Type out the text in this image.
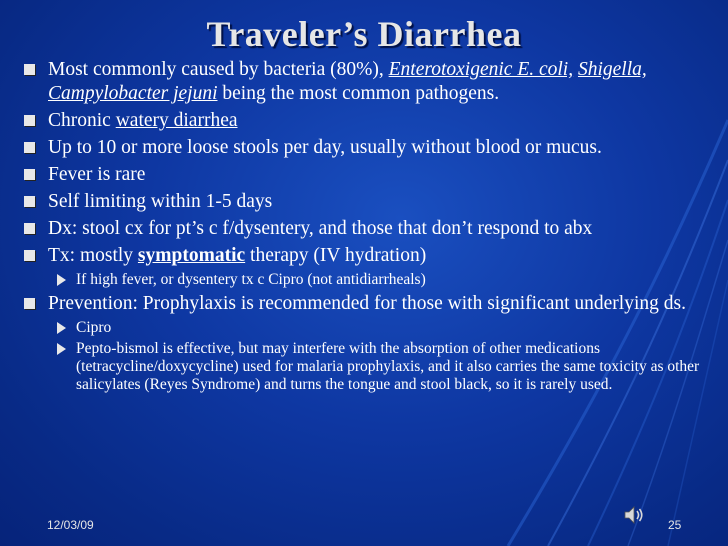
Traveler’s Diarrhea
Most commonly caused by bacteria (80%), Enterotoxigenic E. coli, Shigella, Campylobacter jejuni being the most common pathogens.
Chronic watery diarrhea
Up to 10 or more loose stools per day, usually without blood or mucus.
Fever is rare
Self limiting within 1-5 days
Dx: stool cx for pt’s c f/dysentery, and those that don’t respond to abx
Tx: mostly symptomatic therapy (IV hydration)
If high fever, or dysentery tx c Cipro (not antidiarrheals)
Prevention: Prophylaxis is recommended for those with significant underlying ds.
Cipro
Pepto-bismol is effective, but may interfere with the absorption of other medications (tetracycline/doxycycline) used for malaria prophylaxis, and it also carries the same toxicity as other salicylates (Reyes Syndrome) and turns the tongue and stool black, so it is rarely used.
12/03/09	25
